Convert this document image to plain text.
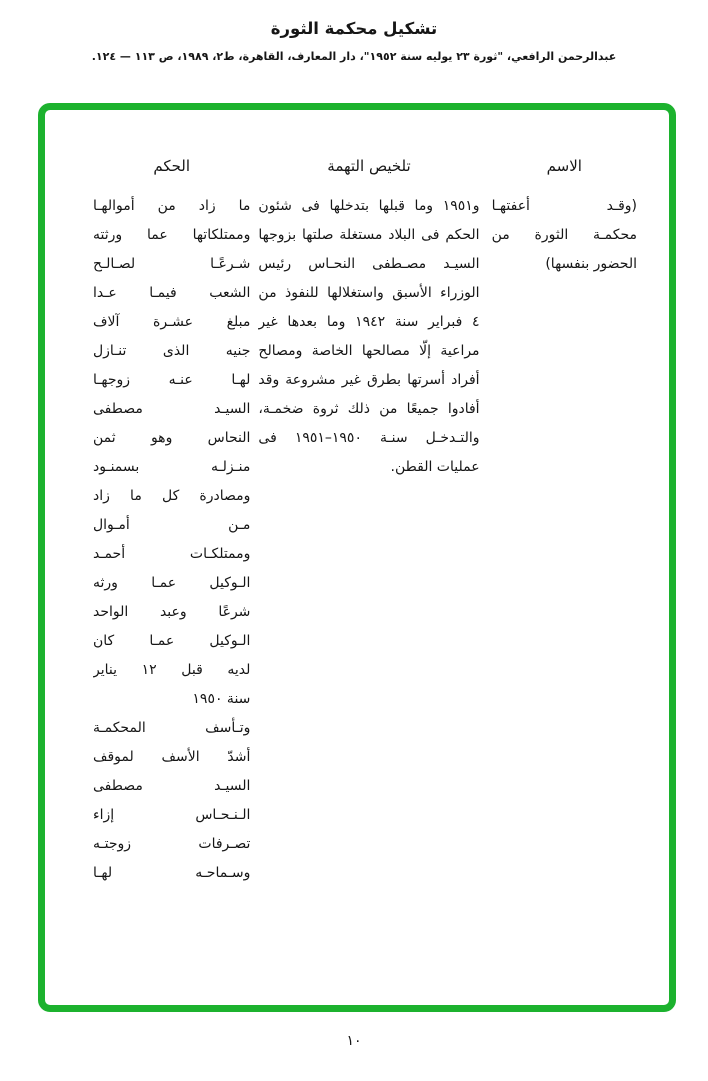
تشكيل محكمة الثورة
عبدالرحمن الرافعي، "ثورة ٢٣ يوليه سنة ١٩٥٢"، دار المعارف، القاهرة، ط٢، ١٩٨٩، ص ١١٣ — ١٢٤.
الاسم
تلخيص التهمة
الحكم
(وقـد أعفتهـا
محكمـة الثورة من
الحضور بنفسها)
و١٩٥١ وما قبلها بتدخلها فى شئون
الحكم فى البلاد مستغلة صلتها بزوجها
السيـد مصـطفى النحـاس رئيس
الوزراء الأسبق واستغلالها للنفوذ من
٤ فبراير سنة ١٩٤٢ وما بعدها غير
مراعية إلّا مصالحها الخاصة ومصالح
أفراد أسرتها بطرق غير مشروعة وقد
أفادوا جميعًا من ذلك ثروة ضخمـة،
والتـدخـل سنـة ١٩٥٠–١٩٥١ فى
عمليات القطن.
ما زاد من أموالهـا
وممتلكاتها عما ورثته
شـرعًـا لصـالـح
الشعب فيمـا عـدا
مبلغ عشـرة آلاف
جنيه الذى تنـازل
لهـا عنـه زوجهـا
السيـد مصطفى
النحاس وهو ثمن
منـزلـه بسمنـود
ومصادرة كل ما زاد
مـن أمـوال
وممتلكـات أحمـد
الـوكيل عمـا ورثه
شرعًا وعبد الواحد
الـوكيل عمـا كان
لديه قبل ١٢ يناير
سنة ١٩٥٠
وتـأسف المحكمـة
أشدّ الأسف لموقف
السيـد مصطفى
الـنـحـاس إزاء
تصـرفات زوجتـه
وسـماحـه لهـا
١٠
